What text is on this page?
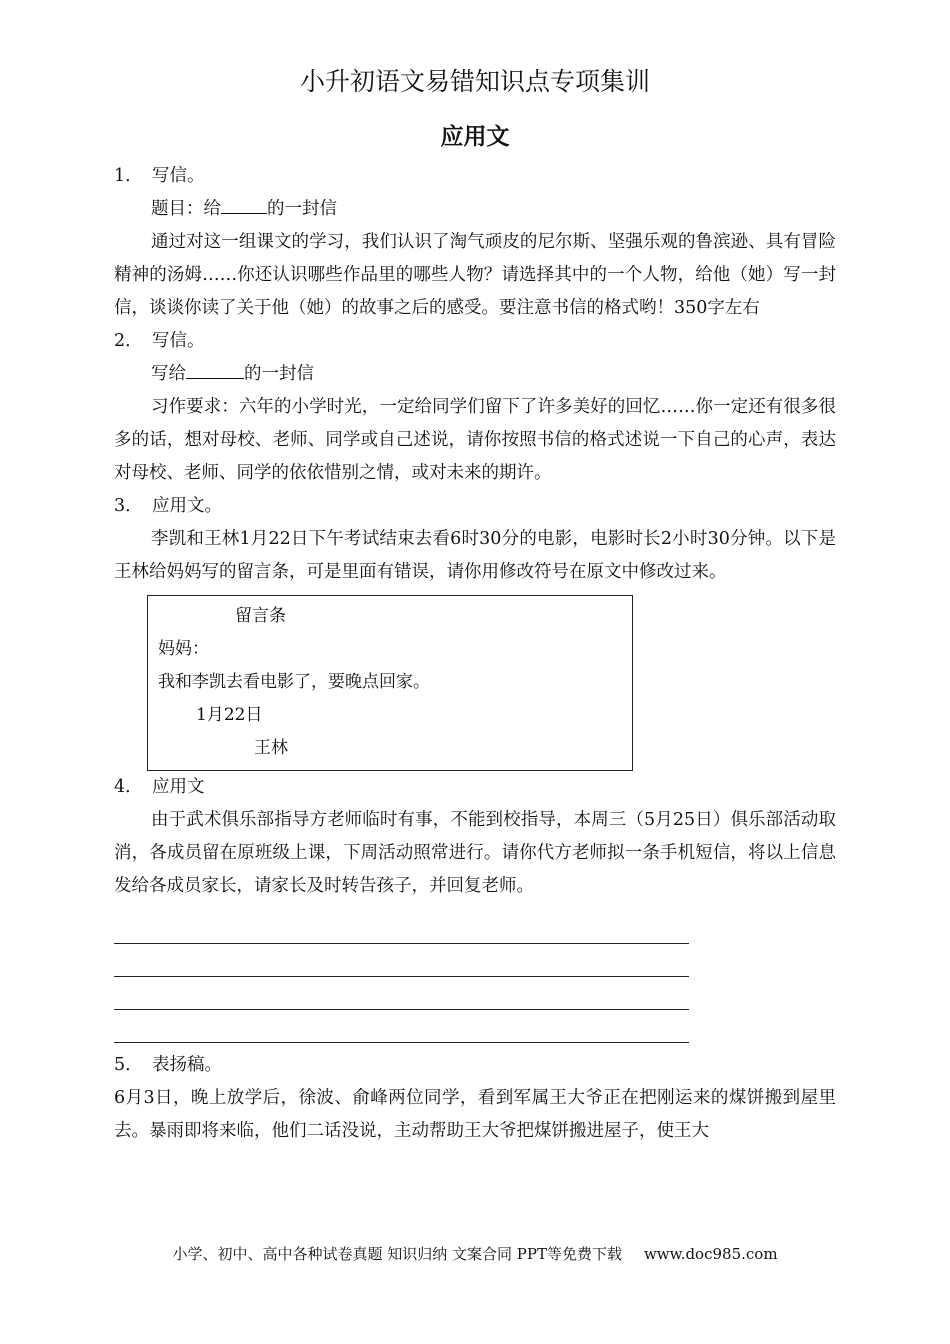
小升初语文易错知识点专项集训
应用文
1． 写信。
题目：给	的一封信
通过对这一组课文的学习，我们认识了淘气顽皮的尼尔斯、坚强乐观的鲁滨逊、具有冒险精神的汤姆……你还认识哪些作品里的哪些人物？请选择其中的一个人物，给他（她）写一封信，谈谈你读了关于他（她）的故事之后的感受。要注意书信的格式哟！350字左右
2． 写信。
写给	的一封信
习作要求：六年的小学时光，一定给同学们留下了许多美好的回忆……你一定还有很多很多的话，想对母校、老师、同学或自己述说，请你按照书信的格式述说一下自己的心声，表达对母校、老师、同学的依依惜别之情，或对未来的期许。
3． 应用文。
李凯和王林1月22日下午考试结束去看6时30分的电影，电影时长2小时30分钟。以下是王林给妈妈写的留言条，可是里面有错误，请你用修改符号在原文中修改过来。
留言条
妈妈：
我和李凯去看电影了，要晚点回家。
1月22日
王林
4． 应用文
由于武术俱乐部指导方老师临时有事，不能到校指导，本周三（5月25日）俱乐部活动取消，各成员留在原班级上课，下周活动照常进行。请你代方老师拟一条手机短信，将以上信息发给各成员家长，请家长及时转告孩子，并回复老师。
5． 表扬稿。
6月3日，晚上放学后，徐波、俞峰两位同学，看到军属王大爷正在把刚运来的煤饼搬到屋里去。暴雨即将来临，他们二话没说，主动帮助王大爷把煤饼搬进屋子，使王大
小学、初中、高中各种试卷真题 知识归纳 文案合同 PPT等免费下载 www.doc985.com
